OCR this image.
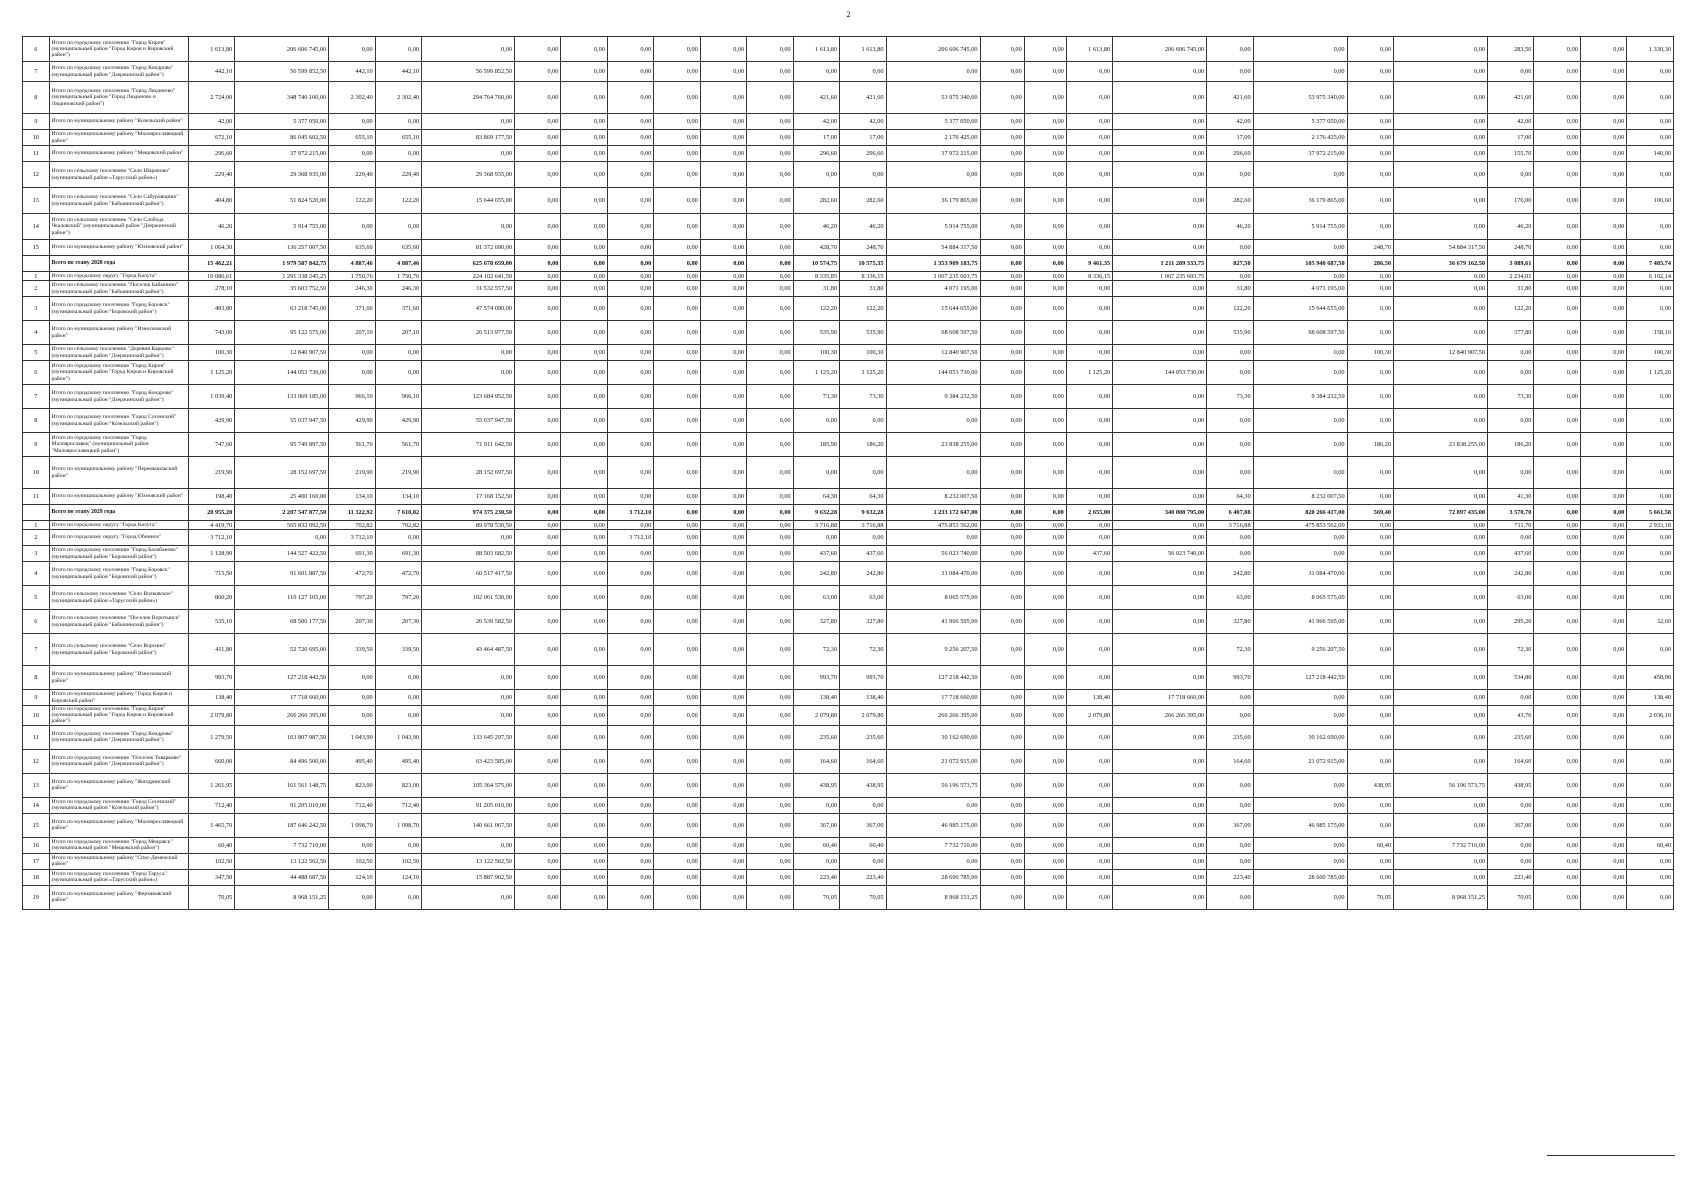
2
6	Итого по городскому поселению "Город Киров" (муниципальный район "Город Киров и Кировский район")	1 613,80	206 606 745,00	0,00	0,00	0,00	0,00	0,00	0,00	0,00	0,00	0,00	1 613,80	1 613,80	206 606 745,00	0,00	0,00	1 613,80	206 606 745,00	0,00	0,00	0,00	0,00	283,50	0,00	0,00	1 330,30
7	Итого по городскому поселению "Город Кондрово" (муниципальный район "Дзержинский район")	442,10	56 599 852,50	442,10	442,10	56 599 852,50	0,00	0,00	0,00	0,00	0,00	0,00	0,00	0,00	0,00	0,00	0,00	0,00	0,00	0,00	0,00	0,00	0,00	0,00	0,00	0,00	0,00
8	Итого по городскому поселению "Город Людиново" (муниципальный район "Город Людиново и Людиновский район")	2 724,00	348 740 100,00	2 302,40	2 302,40	294 764 760,00	0,00	0,00	0,00	0,00	0,00	0,00	421,60	421,60	53 975 340,00	0,00	0,00	0,00	0,00	421,60	53 975 340,00	0,00	0,00	421,60	0,00	0,00	0,00
9	Итого по муниципальному району "Козельский район"	42,00	5 377 050,00	0,00	0,00	0,00	0,00	0,00	0,00	0,00	0,00	0,00	42,00	42,00	5 377 050,00	0,00	0,00	0,00	0,00	42,00	5 377 050,00	0,00	0,00	42,00	0,00	0,00	0,00
10	Итого по муниципальному району "Малоярославецкий район"	672,10	86 045 602,50	655,10	655,10	83 869 177,50	0,00	0,00	0,00	0,00	0,00	0,00	17,00	17,00	2 176 425,00	0,00	0,00	0,00	0,00	17,00	2 176 425,00	0,00	0,00	17,00	0,00	0,00	0,00
11	Итого по муниципальному району "Мещовский район"	296,60	37 972 215,00	0,00	0,00	0,00	0,00	0,00	0,00	0,00	0,00	0,00	296,60	296,60	37 972 215,00	0,00	0,00	0,00	0,00	296,60	37 972 215,00	0,00	0,00	155,70	0,00	0,00	140,90
12	Итого по сельскому поселению "Село Шарапово" (муниципальный район «Тарусский район»)	229,40	29 368 935,00	229,40	229,40	29 368 935,00	0,00	0,00	0,00	0,00	0,00	0,00	0,00	0,00	0,00	0,00	0,00	0,00	0,00	0,00	0,00	0,00	0,00	0,00	0,00	0,00	0,00
13	Итого по сельскому поселению "Село Сабуровщино" (муниципальный район "Бабынинский район")	404,80	51 824 520,00	122,20	122,20	15 644 655,00	0,00	0,00	0,00	0,00	0,00	0,00	282,60	282,60	36 179 865,00	0,00	0,00	0,00	0,00	282,60	36 179 865,00	0,00	0,00	176,00	0,00	0,00	106,60
14	Итого по сельскому поселению "Село Слобода Чкаловский" (муниципальный район "Дзержинский район")	46,20	5 914 755,00	0,00	0,00	0,00	0,00	0,00	0,00	0,00	0,00	0,00	46,20	46,20	5 914 755,00	0,00	0,00	0,00	0,00	46,20	5 914 755,00	0,00	0,00	46,20	0,00	0,00	0,00
15	Итого по муниципальному району "Юхновский район"	1 064,30	136 257 007,50	635,60	635,60	81 372 690,00	0,00	0,00	0,00	0,00	0,00	0,00	428,70	248,70	54 884 317,50	0,00	0,00	0,00	0,00	0,00	0,00	248,70	54 884 317,50	248,70	0,00	0,00	0,00
	Всего по этапу 2028 года	15 462,21	1 979 587 842,75	4 887,46	4 887,46	625 678 659,00	0,00	0,00	0,00	0,00	0,00	0,00	10 574,75	10 575,35	1 353 909 183,75	0,00	0,00	9 461,35	1 211 289 333,75	827,50	105 940 687,50	286,50	36 679 162,50	3 089,61	0,00	0,00	7 485,74
1	Итого по городскому округу "Город Калуга"	10 086,61	1 291 338 245,25	1 750,76	1 750,76	224 102 641,50	0,00	0,00	0,00	0,00	0,00	0,00	8 335,85	8 336,15	1 067 235 603,75	0,00	0,00	8 336,15	1 067 235 603,75	0,00	0,00	0,00	0,00	2 234,01	0,00	0,00	6 102,14
2	Итого по сельскому поселению "Поселок Бабынино" (муниципальный район "Бабынинский район")	278,10	35 603 752,50	246,30	246,30	31 532 557,50	0,00	0,00	0,00	0,00	0,00	0,00	31,80	31,80	4 071 195,00	0,00	0,00	0,00	0,00	31,80	4 071 195,00	0,00	0,00	31,80	0,00	0,00	0,00
3	Итого по городскому поселению "Город Боровск" (муниципальный район "Боровский район")	493,80	63 218 745,00	371,60	371,60	47 574 090,00	0,00	0,00	0,00	0,00	0,00	0,00	122,20	122,20	15 644 655,00	0,00	0,00	0,00	0,00	122,20	15 644 655,00	0,00	0,00	122,20	0,00	0,00	0,00
4	Итого по муниципальному району "Износковский район"	743,00	95 122 575,00	207,10	207,10	26 513 977,50	0,00	0,00	0,00	0,00	0,00	0,00	535,90	535,90	68 608 597,50	0,00	0,00	0,00	0,00	535,90	68 608 597,50	0,00	0,00	377,80	0,00	0,00	158,10
5	Итого по сельскому поселению "Деревня Карцово" (муниципальный район "Дзержинский район")	100,30	12 840 907,50	0,00	0,00	0,00	0,00	0,00	0,00	0,00	0,00	0,00	100,30	100,30	12 840 907,50	0,00	0,00	0,00	0,00	0,00	0,00	100,30	12 840 907,50	0,00	0,00	0,00	100,30
6	Итого по городскому поселению "Город Киров" (муниципальный район "Город Киров и Кировский район")	1 125,20	144 053 730,00	0,00	0,00	0,00	0,00	0,00	0,00	0,00	0,00	0,00	1 125,20	1 125,20	144 053 730,00	0,00	0,00	1 125,20	144 053 730,00	0,00	0,00	0,00	0,00	0,00	0,00	0,00	1 125,20
7	Итого по городскому поселению "Город Кондрово" (муниципальный район "Дзержинский район")	1 039,40	133 069 185,00	966,10	966,10	123 684 952,50	0,00	0,00	0,00	0,00	0,00	0,00	73,30	73,30	9 384 232,50	0,00	0,00	0,00	0,00	73,30	9 384 232,50	0,00	0,00	73,30	0,00	0,00	0,00
8	Итого по городскому поселению "Город Сосенский" (муниципальный район "Козельский район")	429,90	55 037 947,50	429,90	429,90	55 037 947,50	0,00	0,00	0,00	0,00	0,00	0,00	0,00	0,00	0,00	0,00	0,00	0,00	0,00	0,00	0,00	0,00	0,00	0,00	0,00	0,00	0,00
9	Итого по городскому поселению "Город Малоярославец" (муниципальный район "Малоярославецкий район")	747,60	95 749 897,50	561,70	561,70	71 911 642,50	0,00	0,00	0,00	0,00	0,00	0,00	185,90	186,20	23 838 255,00	0,00	0,00	0,00	0,00	0,00	0,00	186,20	23 838 255,00	186,20	0,00	0,00	0,00
10	Итого по муниципальному району "Перемышльский район"	219,90	28 152 697,50	219,90	219,90	28 152 697,50	0,00	0,00	0,00	0,00	0,00	0,00	0,00	0,00	0,00	0,00	0,00	0,00	0,00	0,00	0,00	0,00	0,00	0,00	0,00	0,00	0,00
11	Итого по муниципальному району "Юхновский район"	198,40	25 400 160,00	134,10	134,10	17 168 152,50	0,00	0,00	0,00	0,00	0,00	0,00	64,30	64,30	8 232 007,50	0,00	0,00	0,00	0,00	64,30	8 232 007,50	0,00	0,00	41,30	0,00	0,00	0,00
	Всего по этапу 2029 года	20 955,20	2 207 547 877,50	11 322,92	7 610,82	974 375 230,50	0,00	0,00	3 712,10	0,00	0,00	0,00	9 632,28	9 632,28	1 233 172 647,00	0,00	0,00	2 655,00	340 008 795,00	6 407,08	820 266 417,00	569,40	72 897 435,00	3 570,70	0,00	0,00	5 661,58
1	Итого по городскому округу "Город Калуга"	4 419,70	565 832 092,50	702,82	702,82	89 978 530,50	0,00	0,00	0,00	0,00	0,00	0,00	3 716,88	3 716,88	475 853 562,00	0,00	0,00	0,00	0,00	3 716,88	475 853 562,00	0,00	0,00	711,70	0,00	0,00	2 933,18
2	Итого по городскому округу "Город Обнинск"	3 712,10	0,00	3 712,10	0,00	0,00	0,00	0,00	3 712,10	0,00	0,00	0,00	0,00	0,00	0,00	0,00	0,00	0,00	0,00	0,00	0,00	0,00	0,00	0,00	0,00	0,00	0,00
3	Итого по городскому поселению "Город Балабаново" (муниципальный район "Боровский район")	1 128,90	144 527 422,50	691,30	691,30	88 503 682,50	0,00	0,00	0,00	0,00	0,00	0,00	437,60	437,60	56 023 740,00	0,00	0,00	437,60	56 023 740,00	0,00	0,00	0,00	0,00	437,60	0,00	0,00	0,00
4	Итого по городскому поселению "Город Боровск" (муниципальный район "Боровский район")	715,50	91 601 887,50	472,70	472,70	60 517 417,50	0,00	0,00	0,00	0,00	0,00	0,00	242,80	242,80	31 084 470,00	0,00	0,00	0,00	0,00	242,80	31 084 470,00	0,00	0,00	242,80	0,00	0,00	0,00
5	Итого по сельскому поселению "Село Волковское" (муниципальный район «Тарусский район»)	860,20	110 127 105,00	797,20	797,20	102 061 530,00	0,00	0,00	0,00	0,00	0,00	0,00	63,00	63,00	8 065 575,00	0,00	0,00	0,00	0,00	63,00	8 065 575,00	0,00	0,00	63,00	0,00	0,00	0,00
6	Итого по сельскому поселению "Поселок Воротынск" (муниципальный район "Бабынинский район")	535,10	68 506 177,50	207,30	207,30	26 539 582,50	0,00	0,00	0,00	0,00	0,00	0,00	327,80	327,80	41 966 595,00	0,00	0,00	0,00	0,00	327,80	41 966 595,00	0,00	0,00	295,20	0,00	0,00	32,60
7	Итого по сельскому поселению "Село Ворсино" (муниципальный район "Боровский район")	411,80	52 720 695,00	339,50	339,50	43 464 487,50	0,00	0,00	0,00	0,00	0,00	0,00	72,30	72,30	9 256 207,50	0,00	0,00	0,00	0,00	72,30	9 256 207,50	0,00	0,00	72,30	0,00	0,00	0,00
8	Итого по муниципальному району "Износковский район"	993,70	127 218 442,50	0,00	0,00	0,00	0,00	0,00	0,00	0,00	0,00	0,00	993,70	993,70	127 218 442,50	0,00	0,00	0,00	0,00	993,70	127 218 442,50	0,00	0,00	534,80	0,00	0,00	458,90
9	Итого по муниципальному району "Город Киров и Кировский район"	138,40	17 718 660,00	0,00	0,00	0,00	0,00	0,00	0,00	0,00	0,00	0,00	138,40	138,40	17 718 660,00	0,00	0,00	138,40	17 718 660,00	0,00	0,00	0,00	0,00	0,00	0,00	0,00	138,40
10	Итого по городскому поселению "Город Киров" (муниципальный район "Город Киров и Кировский район")	2 079,80	266 266 395,00	0,00	0,00	0,00	0,00	0,00	0,00	0,00	0,00	0,00	2 079,80	2 079,80	266 266 395,00	0,00	0,00	2 079,80	266 266 395,00	0,00	0,00	0,00	0,00	43,70	0,00	0,00	2 036,10
11	Итого по городскому поселению "Город Кондрово" (муниципальный район "Дзержинский район")	1 279,50	163 807 987,50	1 043,90	1 043,90	133 645 297,50	0,00	0,00	0,00	0,00	0,00	0,00	235,60	235,60	30 162 690,00	0,00	0,00	0,00	0,00	235,60	30 162 690,00	0,00	0,00	235,60	0,00	0,00	0,00
12	Итого по городскому поселению "Поселок Товарково" (муниципальный район "Дзержинский район")	660,00	84 496 500,00	495,40	495,40	63 423 585,00	0,00	0,00	0,00	0,00	0,00	0,00	164,60	164,60	21 072 915,00	0,00	0,00	0,00	0,00	164,60	21 072 915,00	0,00	0,00	164,60	0,00	0,00	0,00
13	Итого по муниципальному району "Жиздринский район"	1 261,95	161 561 148,75	823,00	823,00	105 364 575,00	0,00	0,00	0,00	0,00	0,00	0,00	438,95	438,95	56 196 573,75	0,00	0,00	0,00	0,00	0,00	0,00	438,95	56 196 573,75	438,95	0,00	0,00	0,00
14	Итого по городскому поселению "Город Сосенский" (муниципальный район "Козельский район")	712,40	91 205 010,00	712,40	712,40	91 205 010,00	0,00	0,00	0,00	0,00	0,00	0,00	0,00	0,00	0,00	0,00	0,00	0,00	0,00	0,00	0,00	0,00	0,00	0,00	0,00	0,00	0,00
15	Итого по муниципальному району "Малоярославецкий район"	1 465,70	187 646 242,50	1 098,70	1 098,70	140 661 067,50	0,00	0,00	0,00	0,00	0,00	0,00	367,00	367,00	46 985 175,00	0,00	0,00	0,00	0,00	367,00	46 985 175,00	0,00	0,00	367,00	0,00	0,00	0,00
16	Итого по городскому поселению "Город Мещовск" (муниципальный район "Мещовский район")	60,40	7 732 710,00	0,00	0,00	0,00	0,00	0,00	0,00	0,00	0,00	0,00	60,40	60,40	7 732 710,00	0,00	0,00	0,00	0,00	0,00	0,00	60,40	7 732 710,00	0,00	0,00	0,00	60,40
17	Итого по муниципальному району "Спас-Деменский район"	102,50	13 122 562,50	102,50	102,50	13 122 562,50	0,00	0,00	0,00	0,00	0,00	0,00	0,00	0,00	0,00	0,00	0,00	0,00	0,00	0,00	0,00	0,00	0,00	0,00	0,00	0,00	0,00
18	Итого по городскому поселению "Город Таруса" (муниципальный район «Тарусский район»)	347,50	44 488 687,50	124,10	124,10	15 887 902,50	0,00	0,00	0,00	0,00	0,00	0,00	223,40	223,40	28 600 785,00	0,00	0,00	0,00	0,00	223,40	28 600 785,00	0,00	0,00	223,40	0,00	0,00	0,00
19	Итого по муниципальному району "Ферзиковский район"	70,05	8 968 151,25	0,00	0,00	0,00	0,00	0,00	0,00	0,00	0,00	0,00	70,05	70,05	8 968 151,25	0,00	0,00	0,00	0,00	0,00	0,00	70,05	8 968 151,25	70,05	0,00	0,00	0,00
